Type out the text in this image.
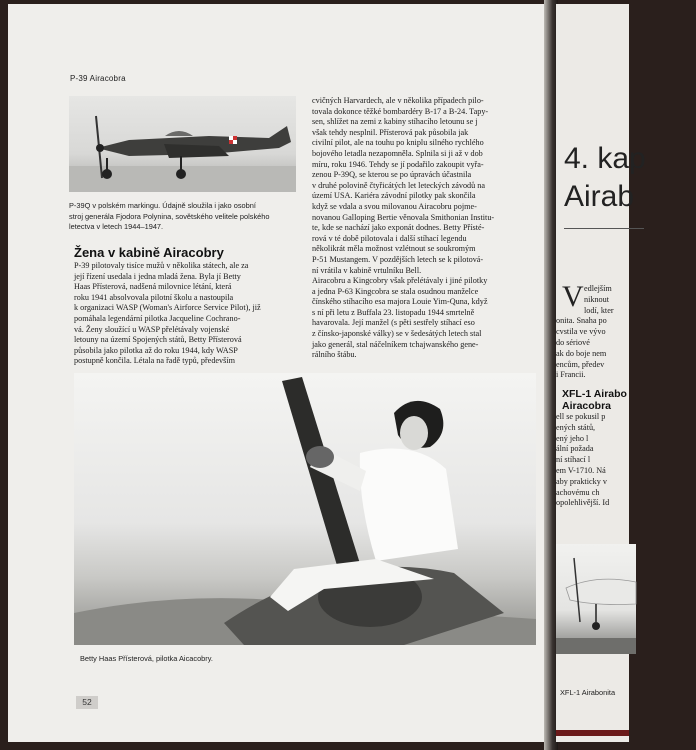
P-39 Airacobra
P-39Q v polském markingu. Údajně sloužila i jako osobní
stroj generála Fjodora Polynina, sovětského velitele polského
letectva v letech 1944–1947.
Žena v kabině Airacobry
P-39 pilotovaly tisíce mužů v několika státech, ale za
její řízení usedala i jedna mladá žena. Byla jí Betty
Haas Přísterová, nadšená milovnice létání, která
roku 1941 absolvovala pilotní školu a nastoupila
k organizaci WASP (Woman's Airforce Service Pilot), již
pomáhala legendární pilotka Jacqueline Cochrano-
vá. Ženy sloužící u WASP přelétávaly vojenské
letouny na území Spojených států, Betty Přísterová
působila jako pilotka až do roku 1944, kdy WASP
postupně končila. Létala na řadě typů, především
cvičných Harvardech, ale v několika případech pilo-
tovala dokonce těžké bombardéry B-17 a B-24. Tapy-
sen, shlížet na zemi z kabiny stíhacího letounu se j
však tehdy nesplnil. Přísterová pak působila jak
civilní pilot, ale na touhu po kniplu silného rychlého
bojového letadla nezapomněla. Splnila si ji až v dob
míru, roku 1946. Tehdy se jí podařilo zakoupit vyřa-
zenou P-39Q, se kterou se po úpravách účastnila
v druhé polovině čtyřicátých let leteckých závodů na
území USA. Kariéra závodní pilotky pak skončila
když se vdala a svou milovanou Airacobru pojme-
novanou Galloping Bertie věnovala Smithonian Institu-
te, kde se nachází jako exponát dodnes. Betty Přísté-
rová v té době pilotovala i další stíhací legendu
několikrát měla možnost vzlétnout se soukromým
P-51 Mustangem. V pozdějších letech se k pilotová-
ní vrátila v kabině vrtulníku Bell.
Airacobru a Kingcobry však přelétávaly i jiné pilotky
a jedna P-63 Kingcobra se stala osudnou manželce
čínského stíhacího esa majora Louie Yim-Quna, když
s ní při letu z Buffala 23. listopadu 1944 smrtelně
havarovala. Její manžel (s pěti sestřely stíhací eso
z čínsko-japonské války) se v šedesátých letech stal
jako generál, stal náčelníkem tchajwanského gene-
rálního štábu.
Betty Haas Přísterová, pilotka Aicacobry.
52
4. kap
Airab
V edlejším
niknout
lodí, kter
onita. Snaha po
cvstila ve vývo
do sériové
ak do boje nem
encům, předev
i Francii.
XFL-1 Airabo
Airacobra
ell se pokusil p
ených států,
ený jeho l
ální požada
ní stíhací l
em V-1710. Ná
aby prakticky v
achovému ch
opolehlivější. Id
XFL-1 Airabonita
